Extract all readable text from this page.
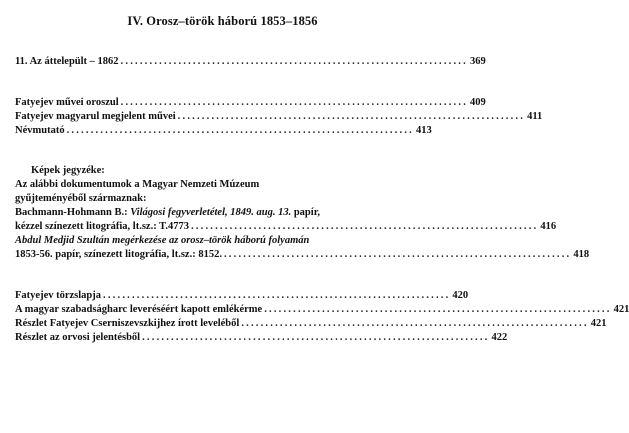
IV. Orosz–török háború 1853–1856
11. Az áttelepült – 1862 ........................................................................ 369
Fatyejev művei oroszul ........................................................................ 409
Fatyejev magyarul megjelent művei ........................................................................ 411
Névmutató ........................................................................ 413
Képek jegyzéke:
Az alábbi dokumentumok a Magyar Nemzeti Múzeum
gyűjteményéből származnak:
Bachmann-Hohmann B.: Világosi fegyverletétel, 1849. aug. 13. papír,
kézzel színezett litográfia, lt.sz.: T.4773 ........................................................................ 416
Abdul Medjid Szultán megérkezése az orosz–török háború folyamán
1853-56. papír, színezett litográfia, lt.sz.: 8152. ........................................................................ 418
Fatyejev törzslapja ........................................................................ 420
A magyar szabadságharc leveréséért kapott emlékérme ........................................................................ 421
Részlet Fatyejev Cserniszevszkijhez írott leveléből ........................................................................ 421
Részlet az orvosi jelentésből ........................................................................ 422
